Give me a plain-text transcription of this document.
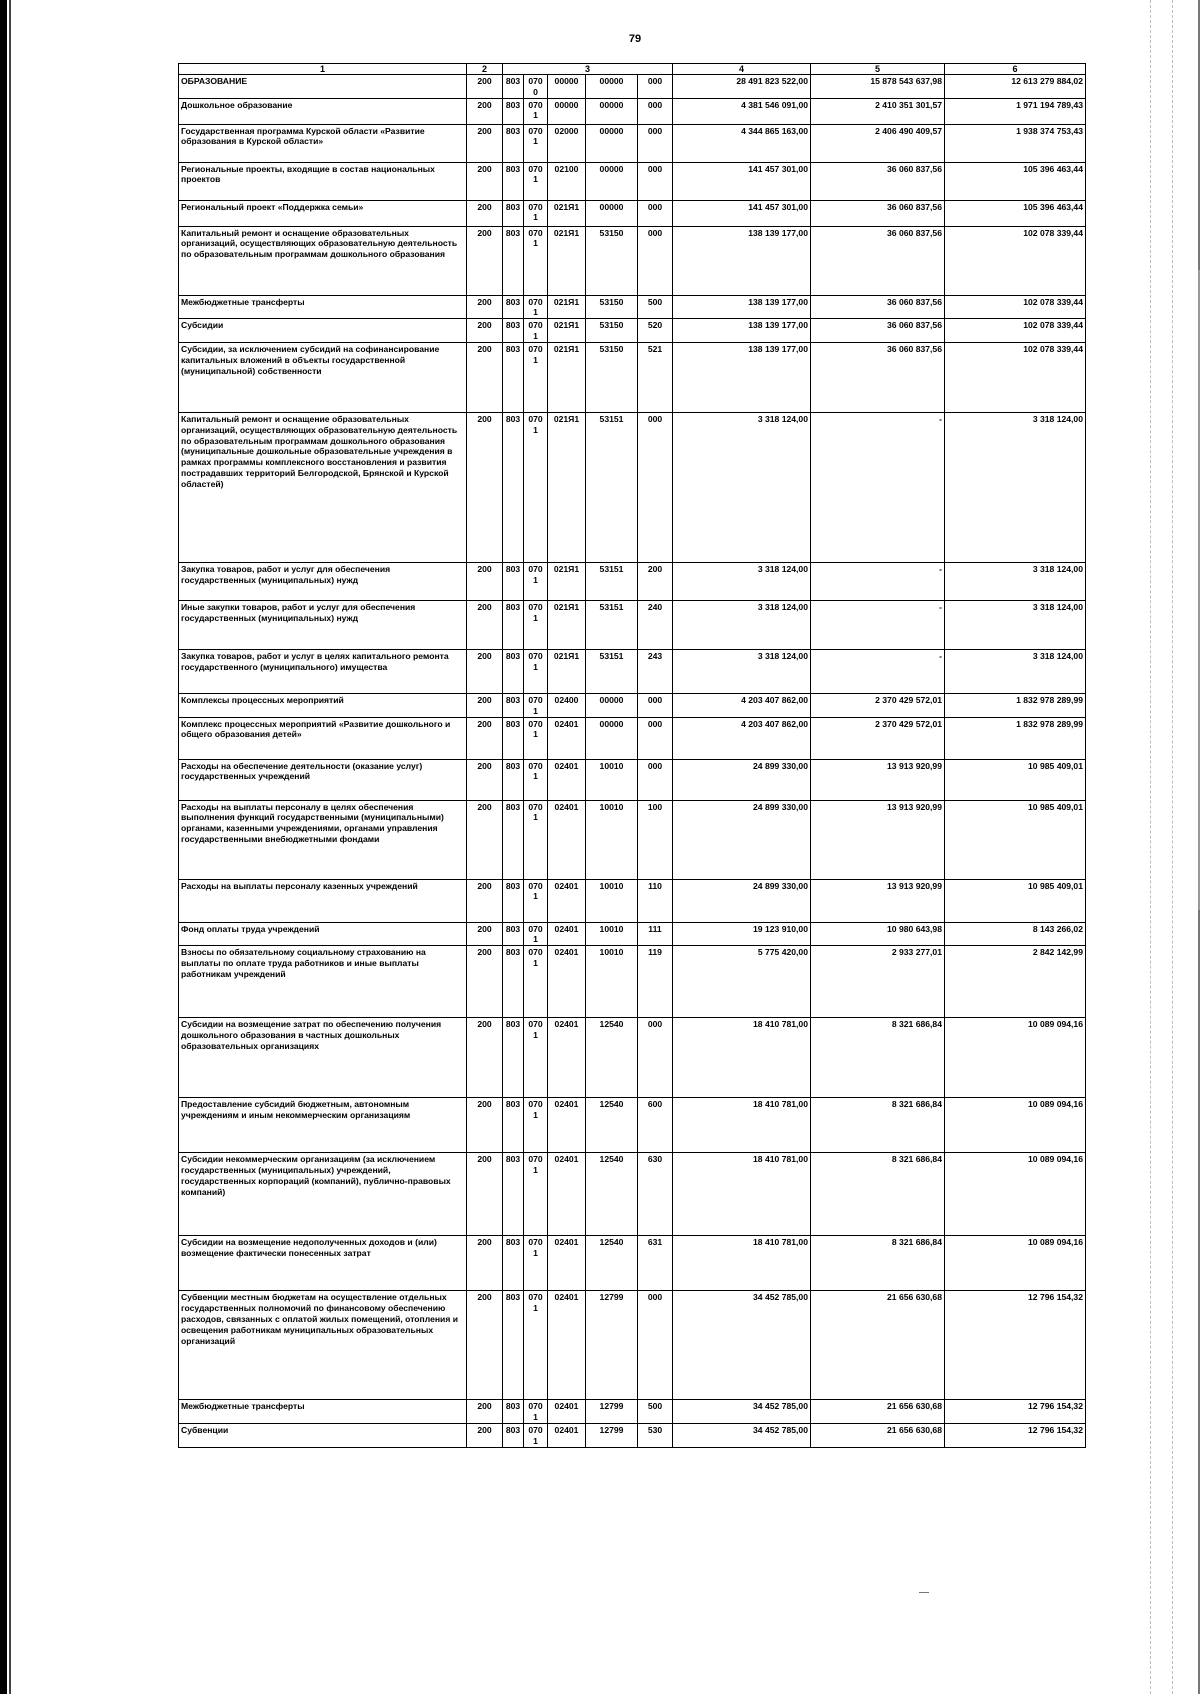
79
1	2	3					4	5	6
ОБРАЗОВАНИЕ	200	803	0700	00000	00000	000	28 491 823 522,00	15 878 543 637,98	12 613 279 884,02
Дошкольное образование	200	803	0701	00000	00000	000	4 381 546 091,00	2 410 351 301,57	1 971 194 789,43
Государственная программа Курской области «Развитие образования в Курской области»	200	803	0701	02000	00000	000	4 344 865 163,00	2 406 490 409,57	1 938 374 753,43
Региональные проекты, входящие в состав национальных проектов	200	803	0701	02100	00000	000	141 457 301,00	36 060 837,56	105 396 463,44
Региональный проект «Поддержка семьи»	200	803	0701	021Я1	00000	000	141 457 301,00	36 060 837,56	105 396 463,44
Капитальный ремонт и оснащение образовательных организаций, осуществляющих образовательную деятельность по образовательным программам дошкольного образования	200	803	0701	021Я1	53150	000	138 139 177,00	36 060 837,56	102 078 339,44
Межбюджетные трансферты	200	803	0701	021Я1	53150	500	138 139 177,00	36 060 837,56	102 078 339,44
Субсидии	200	803	0701	021Я1	53150	520	138 139 177,00	36 060 837,56	102 078 339,44
Субсидии, за исключением субсидий на софинансирование капитальных вложений в объекты государственной (муниципальной) собственности	200	803	0701	021Я1	53150	521	138 139 177,00	36 060 837,56	102 078 339,44
Капитальный ремонт и оснащение образовательных организаций, осуществляющих образовательную деятельность по образовательным программам дошкольного образования (муниципальные дошкольные образовательные учреждения в рамках программы комплексного восстановления и развития пострадавших территорий Белгородской, Брянской и Курской областей)	200	803	0701	021Я1	53151	000	3 318 124,00	-	3 318 124,00
Закупка товаров, работ и услуг для обеспечения государственных (муниципальных) нужд	200	803	0701	021Я1	53151	200	3 318 124,00	-	3 318 124,00
Иные закупки товаров, работ и услуг для обеспечения государственных (муниципальных) нужд	200	803	0701	021Я1	53151	240	3 318 124,00	-	3 318 124,00
Закупка товаров, работ и услуг в целях капитального ремонта государственного (муниципального) имущества	200	803	0701	021Я1	53151	243	3 318 124,00	-	3 318 124,00
Комплексы процессных мероприятий	200	803	0701	02400	00000	000	4 203 407 862,00	2 370 429 572,01	1 832 978 289,99
Комплекс процессных мероприятий «Развитие дошкольного и общего образования детей»	200	803	0701	02401	00000	000	4 203 407 862,00	2 370 429 572,01	1 832 978 289,99
Расходы на обеспечение деятельности (оказание услуг) государственных учреждений	200	803	0701	02401	10010	000	24 899 330,00	13 913 920,99	10 985 409,01
Расходы на выплаты персоналу в целях обеспечения выполнения функций государственными (муниципальными) органами, казенными учреждениями, органами управления государственными внебюджетными фондами	200	803	0701	02401	10010	100	24 899 330,00	13 913 920,99	10 985 409,01
Расходы на выплаты персоналу казенных учреждений	200	803	0701	02401	10010	110	24 899 330,00	13 913 920,99	10 985 409,01
Фонд оплаты труда учреждений	200	803	0701	02401	10010	111	19 123 910,00	10 980 643,98	8 143 266,02
Взносы по обязательному социальному страхованию на выплаты по оплате труда работников и иные выплаты работникам учреждений	200	803	0701	02401	10010	119	5 775 420,00	2 933 277,01	2 842 142,99
Субсидии на возмещение затрат по обеспечению получения дошкольного образования в частных дошкольных образовательных организациях	200	803	0701	02401	12540	000	18 410 781,00	8 321 686,84	10 089 094,16
Предоставление субсидий бюджетным, автономным учреждениям и иным некоммерческим организациям	200	803	0701	02401	12540	600	18 410 781,00	8 321 686,84	10 089 094,16
Субсидии некоммерческим организациям (за исключением государственных (муниципальных) учреждений, государственных корпораций (компаний), публично-правовых компаний)	200	803	0701	02401	12540	630	18 410 781,00	8 321 686,84	10 089 094,16
Субсидии на возмещение недополученных доходов и (или) возмещение фактически понесенных затрат	200	803	0701	02401	12540	631	18 410 781,00	8 321 686,84	10 089 094,16
Субвенции местным бюджетам на осуществление отдельных государственных полномочий по финансовому обеспечению расходов, связанных с оплатой жилых помещений, отопления и освещения работникам муниципальных образовательных организаций	200	803	0701	02401	12799	000	34 452 785,00	21 656 630,68	12 796 154,32
Межбюджетные трансферты	200	803	0701	02401	12799	500	34 452 785,00	21 656 630,68	12 796 154,32
Субвенции	200	803	0701	02401	12799	530	34 452 785,00	21 656 630,68	12 796 154,32
